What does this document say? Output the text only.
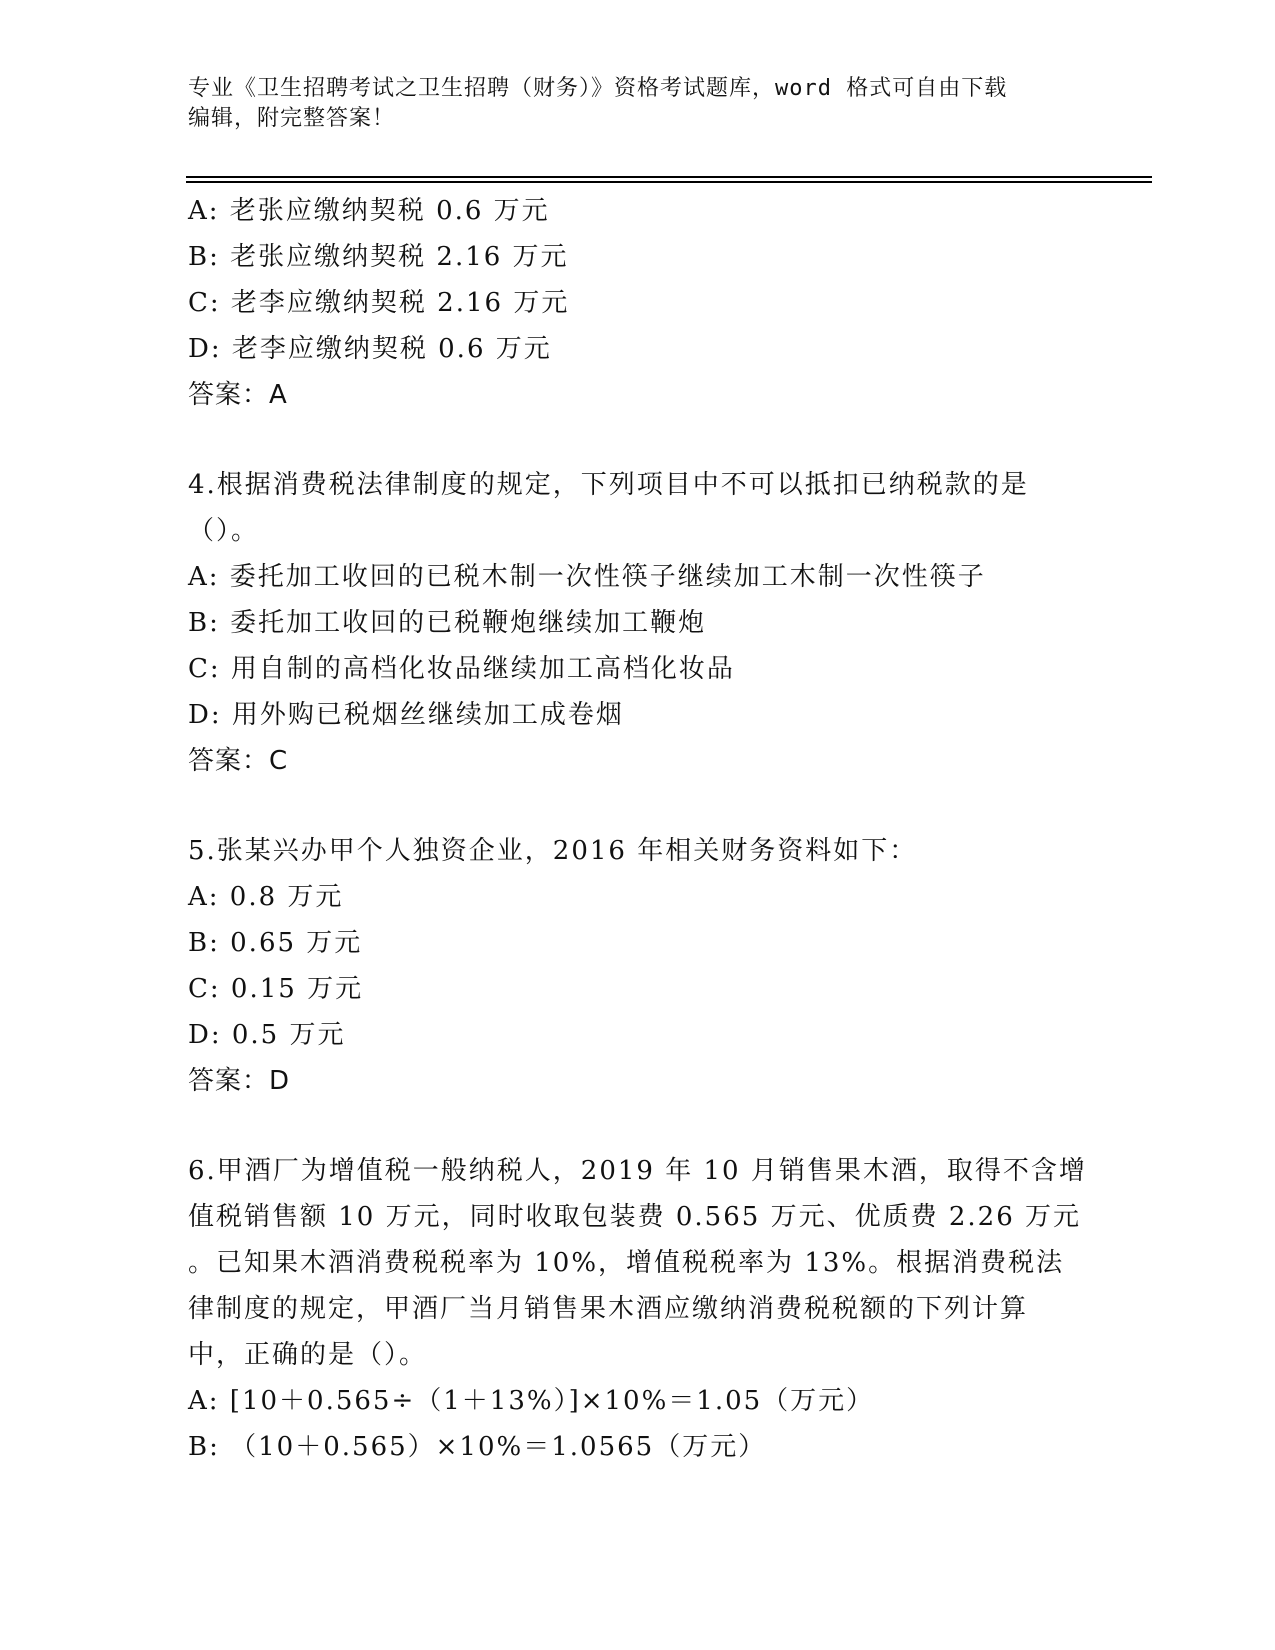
专业《卫生招聘考试之卫生招聘（财务）》资格考试题库，word 格式可自由下载
编辑，附完整答案！
A: 老张应缴纳契税 0.6 万元
B: 老张应缴纳契税 2.16 万元
C: 老李应缴纳契税 2.16 万元
D: 老李应缴纳契税 0.6 万元
答案：A
4.根据消费税法律制度的规定，下列项目中不可以抵扣已纳税款的是
（）。
A: 委托加工收回的已税木制一次性筷子继续加工木制一次性筷子
B: 委托加工收回的已税鞭炮继续加工鞭炮
C: 用自制的高档化妆品继续加工高档化妆品
D: 用外购已税烟丝继续加工成卷烟
答案：C
5.张某兴办甲个人独资企业，2016 年相关财务资料如下：
A: 0.8 万元
B: 0.65 万元
C: 0.15 万元
D: 0.5 万元
答案：D
6.甲酒厂为增值税一般纳税人，2019 年 10 月销售果木酒，取得不含增
值税销售额 10 万元，同时收取包装费 0.565 万元、优质费 2.26 万元
。已知果木酒消费税税率为 10%，增值税税率为 13%。根据消费税法
律制度的规定，甲酒厂当月销售果木酒应缴纳消费税税额的下列计算
中，正确的是（）。
A: [10＋0.565÷（1＋13%）]×10%＝1.05（万元）
B: （10＋0.565）×10%＝1.0565（万元）
